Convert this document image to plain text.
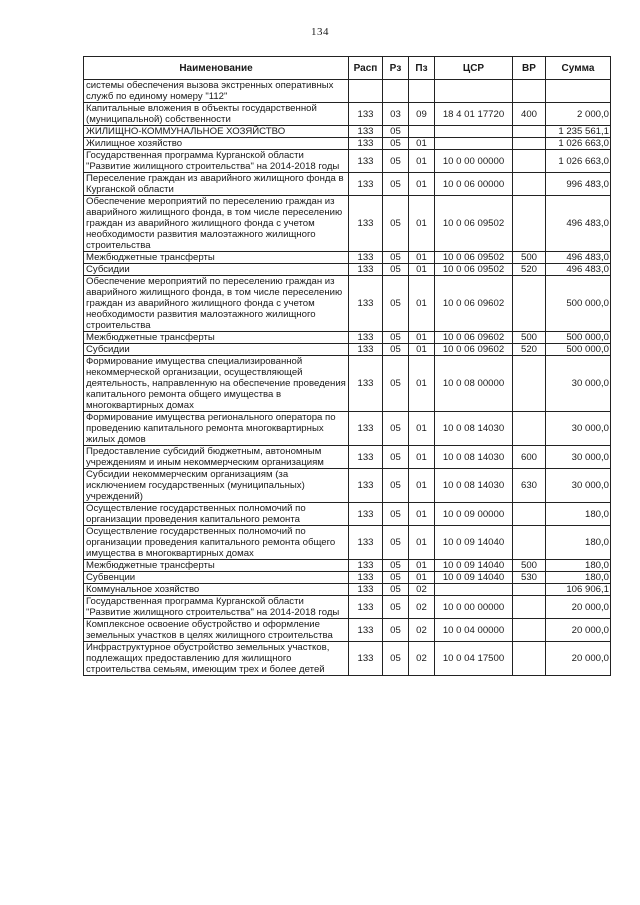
134
Наименование	Расп	Рз	Пз	ЦСР	ВР	Сумма
системы обеспечения вызова экстренных оперативных служб по единому номеру "112"						
Капитальные вложения в объекты государственной (муниципальной) собственности	133	03	09	18 4 01 17720	400	2 000,0
ЖИЛИЩНО-КОММУНАЛЬНОЕ ХОЗЯЙСТВО	133	05				1 235 561,1
Жилищное хозяйство	133	05	01			1 026 663,0
Государственная программа Курганской области "Развитие жилищного строительства" на 2014-2018 годы	133	05	01	10 0 00 00000		1 026 663,0
Переселение граждан из аварийного жилищного фонда в Курганской области	133	05	01	10 0 06 00000		996 483,0
Обеспечение мероприятий по переселению граждан из аварийного жилищного фонда, в том числе переселению граждан из аварийного жилищного фонда с учетом необходимости развития малоэтажного жилищного строительства	133	05	01	10 0 06 09502		496 483,0
Межбюджетные трансферты	133	05	01	10 0 06 09502	500	496 483,0
Субсидии	133	05	01	10 0 06 09502	520	496 483,0
Обеспечение мероприятий по переселению граждан из аварийного жилищного фонда, в том числе переселению граждан из аварийного жилищного фонда с учетом необходимости развития малоэтажного жилищного строительства	133	05	01	10 0 06 09602		500 000,0
Межбюджетные трансферты	133	05	01	10 0 06 09602	500	500 000,0
Субсидии	133	05	01	10 0 06 09602	520	500 000,0
Формирование имущества специализированной некоммерческой организации, осуществляющей деятельность, направленную на обеспечение проведения капитального ремонта общего имущества в многоквартирных домах	133	05	01	10 0 08 00000		30 000,0
Формирование имущества регионального оператора по проведению капитального ремонта многоквартирных жилых домов	133	05	01	10 0 08 14030		30 000,0
Предоставление субсидий бюджетным, автономным учреждениям и иным некоммерческим организациям	133	05	01	10 0 08 14030	600	30 000,0
Субсидии некоммерческим организациям (за исключением государственных (муниципальных) учреждений)	133	05	01	10 0 08 14030	630	30 000,0
Осуществление государственных полномочий по организации проведения капитального ремонта	133	05	01	10 0 09 00000		180,0
Осуществление государственных полномочий по организации проведения капитального ремонта общего имущества в многоквартирных домах	133	05	01	10 0 09 14040		180,0
Межбюджетные трансферты	133	05	01	10 0 09 14040	500	180,0
Субвенции	133	05	01	10 0 09 14040	530	180,0
Коммунальное хозяйство	133	05	02			106 906,1
Государственная программа Курганской области "Развитие жилищного строительства" на 2014-2018 годы	133	05	02	10 0 00 00000		20 000,0
Комплексное освоение обустройство и оформление земельных участков в целях жилищного строительства	133	05	02	10 0 04 00000		20 000,0
Инфраструктурное обустройство земельных участков, подлежащих предоставлению для жилищного строительства семьям, имеющим трех и более детей	133	05	02	10 0 04 17500		20 000,0
